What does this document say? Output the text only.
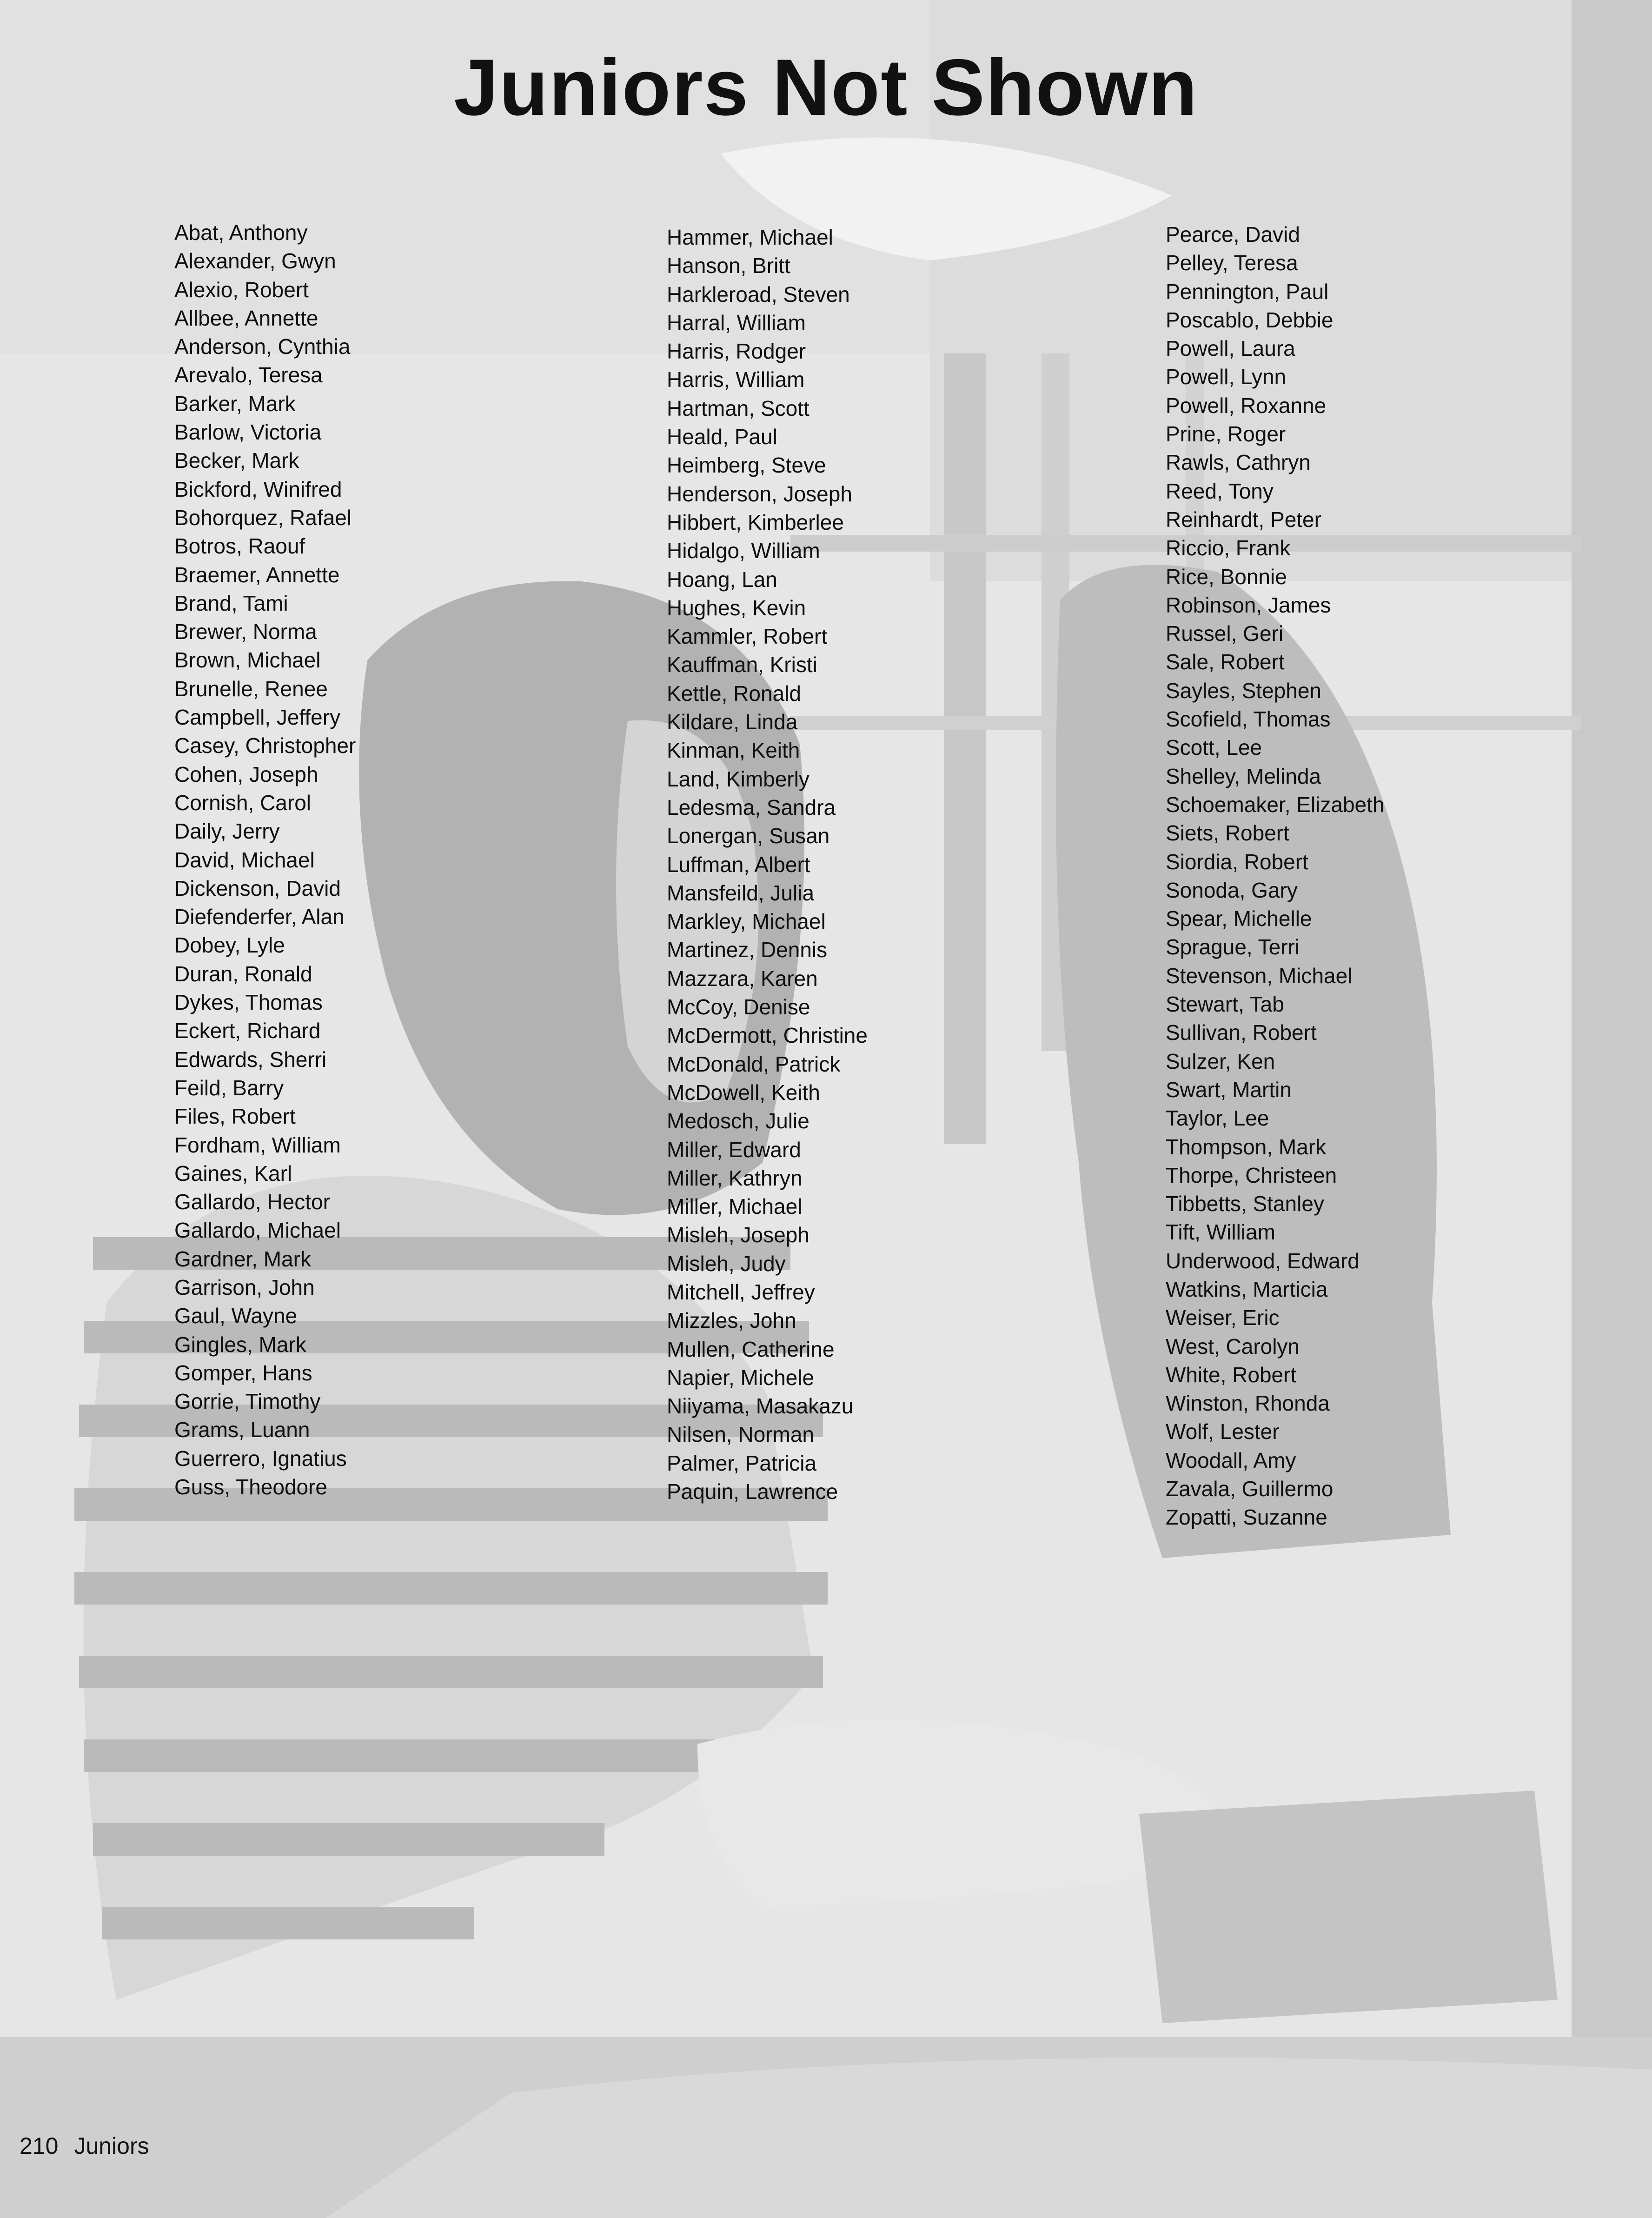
Juniors Not Shown
Abat, Anthony
Alexander, Gwyn
Alexio, Robert
Allbee, Annette
Anderson, Cynthia
Arevalo, Teresa
Barker, Mark
Barlow, Victoria
Becker, Mark
Bickford, Winifred
Bohorquez, Rafael
Botros, Raouf
Braemer, Annette
Brand, Tami
Brewer, Norma
Brown, Michael
Brunelle, Renee
Campbell, Jeffery
Casey, Christopher
Cohen, Joseph
Cornish, Carol
Daily, Jerry
David, Michael
Dickenson, David
Diefenderfer, Alan
Dobey, Lyle
Duran, Ronald
Dykes, Thomas
Eckert, Richard
Edwards, Sherri
Feild, Barry
Files, Robert
Fordham, William
Gaines, Karl
Gallardo, Hector
Gallardo, Michael
Gardner, Mark
Garrison, John
Gaul, Wayne
Gingles, Mark
Gomper, Hans
Gorrie, Timothy
Grams, Luann
Guerrero, Ignatius
Guss, Theodore
Hammer, Michael
Hanson, Britt
Harkleroad, Steven
Harral, William
Harris, Rodger
Harris, William
Hartman, Scott
Heald, Paul
Heimberg, Steve
Henderson, Joseph
Hibbert, Kimberlee
Hidalgo, William
Hoang, Lan
Hughes, Kevin
Kammler, Robert
Kauffman, Kristi
Kettle, Ronald
Kildare, Linda
Kinman, Keith
Land, Kimberly
Ledesma, Sandra
Lonergan, Susan
Luffman, Albert
Mansfeild, Julia
Markley, Michael
Martinez, Dennis
Mazzara, Karen
McCoy, Denise
McDermott, Christine
McDonald, Patrick
McDowell, Keith
Medosch, Julie
Miller, Edward
Miller, Kathryn
Miller, Michael
Misleh, Joseph
Misleh, Judy
Mitchell, Jeffrey
Mizzles, John
Mullen, Catherine
Napier, Michele
Niiyama, Masakazu
Nilsen, Norman
Palmer, Patricia
Paquin, Lawrence
Pearce, David
Pelley, Teresa
Pennington, Paul
Poscablo, Debbie
Powell, Laura
Powell, Lynn
Powell, Roxanne
Prine, Roger
Rawls, Cathryn
Reed, Tony
Reinhardt, Peter
Riccio, Frank
Rice, Bonnie
Robinson, James
Russel, Geri
Sale, Robert
Sayles, Stephen
Scofield, Thomas
Scott, Lee
Shelley, Melinda
Schoemaker, Elizabeth
Siets, Robert
Siordia, Robert
Sonoda, Gary
Spear, Michelle
Sprague, Terri
Stevenson, Michael
Stewart, Tab
Sullivan, Robert
Sulzer, Ken
Swart, Martin
Taylor, Lee
Thompson, Mark
Thorpe, Christeen
Tibbetts, Stanley
Tift, William
Underwood, Edward
Watkins, Marticia
Weiser, Eric
West, Carolyn
White, Robert
Winston, Rhonda
Wolf, Lester
Woodall, Amy
Zavala, Guillermo
Zopatti, Suzanne
210 Juniors
